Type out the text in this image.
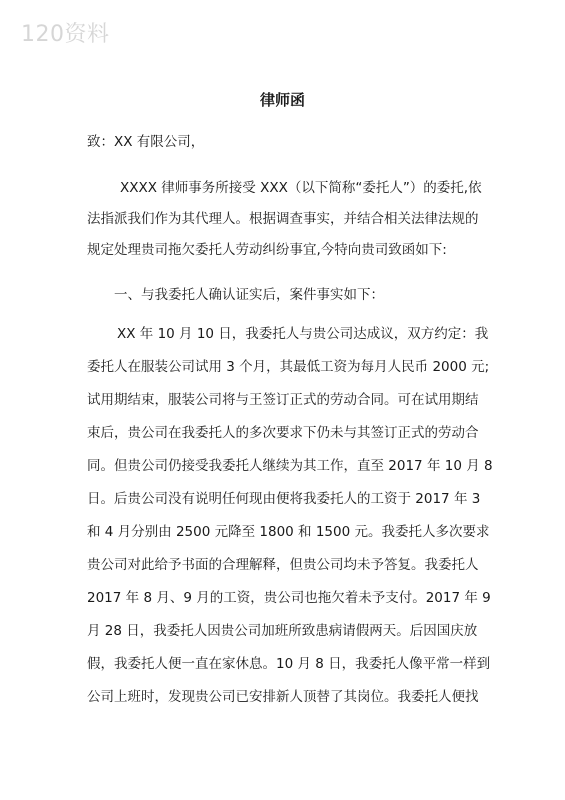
120资料
律师函
致：XX 有限公司，
XXXX 律师事务所接受 XXX（以下简称“委托人”）的委托,依
法指派我们作为其代理人。根据调查事实，并结合相关法律法规的
规定处理贵司拖欠委托人劳动纠纷事宜,今特向贵司致函如下:
一、与我委托人确认证实后，案件事实如下：
XX 年 10 月 10 日，我委托人与贵公司达成议，双方约定：我
委托人在服装公司试用 3 个月，其最低工资为每月人民币 2000 元;
试用期结束，服装公司将与王签订正式的劳动合同。可在试用期结
束后，贵公司在我委托人的多次要求下仍未与其签订正式的劳动合
同。但贵公司仍接受我委托人继续为其工作，直至 2017 年 10 月 8
日。后贵公司没有说明任何现由便将我委托人的工资于 2017 年 3
和 4 月分别由 2500 元降至 1800 和 1500 元。我委托人多次要求
贵公司对此给予书面的合理解释，但贵公司均未予答复。我委托人
2017 年 8 月、9 月的工资，贵公司也拖欠着未予支付。2017 年 9
月 28 日，我委托人因贵公司加班所致患病请假两天。后因国庆放
假，我委托人便一直在家休息。10 月 8 日，我委托人像平常一样到
公司上班时，发现贵公司已安排新人顶替了其岗位。我委托人便找
